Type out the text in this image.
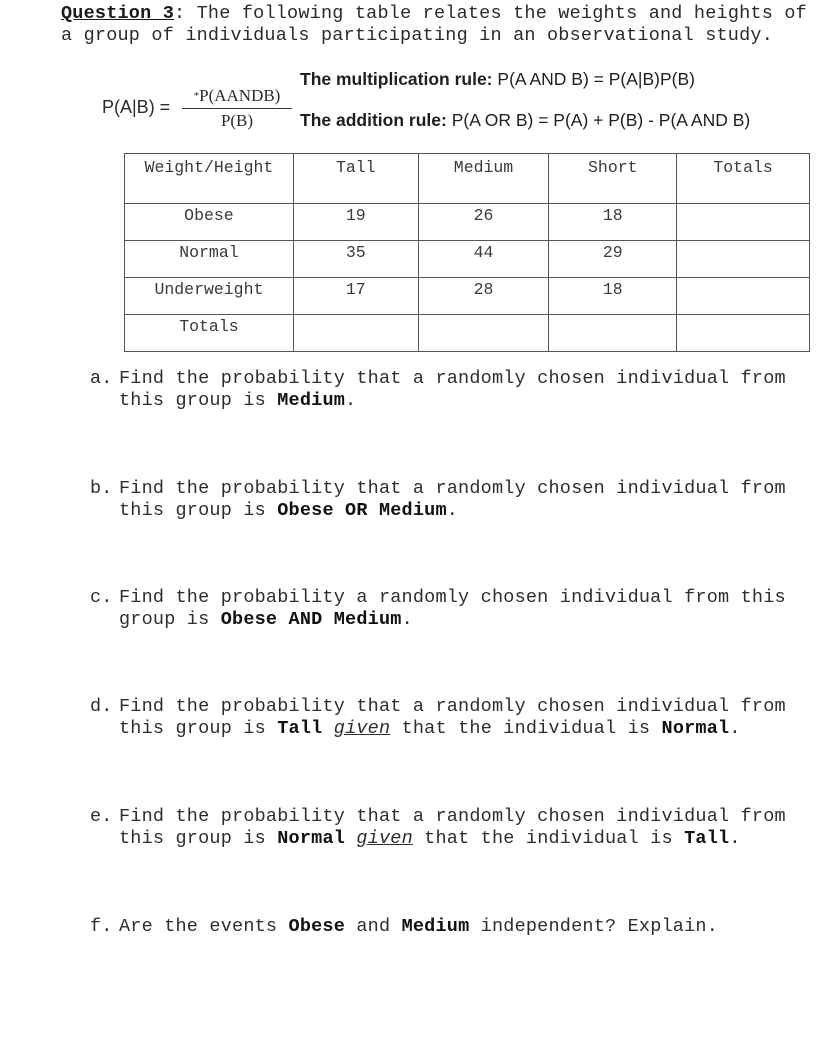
Question 3: The following table relates the weights and heights of a group of individuals participating in an observational study.
P(A|B) =
*P(AANDB)
P(B)
The multiplication rule: P(A AND B) = P(A|B)P(B)
The addition rule: P(A OR B) = P(A) + P(B) - P(A AND B)
Weight/Height	Tall	Medium	Short	Totals
Obese	19	26	18	
Normal	35	44	29	
Underweight	17	28	18	
Totals				
a. Find the probability that a randomly chosen individual from this group is Medium.
b. Find the probability that a randomly chosen individual from this group is Obese OR Medium.
c. Find the probability a randomly chosen individual from this group is Obese AND Medium.
d. Find the probability that a randomly chosen individual from this group is Tall given that the individual is Normal.
e. Find the probability that a randomly chosen individual from this group is Normal given that the individual is Tall.
f. Are the events Obese and Medium independent? Explain.
